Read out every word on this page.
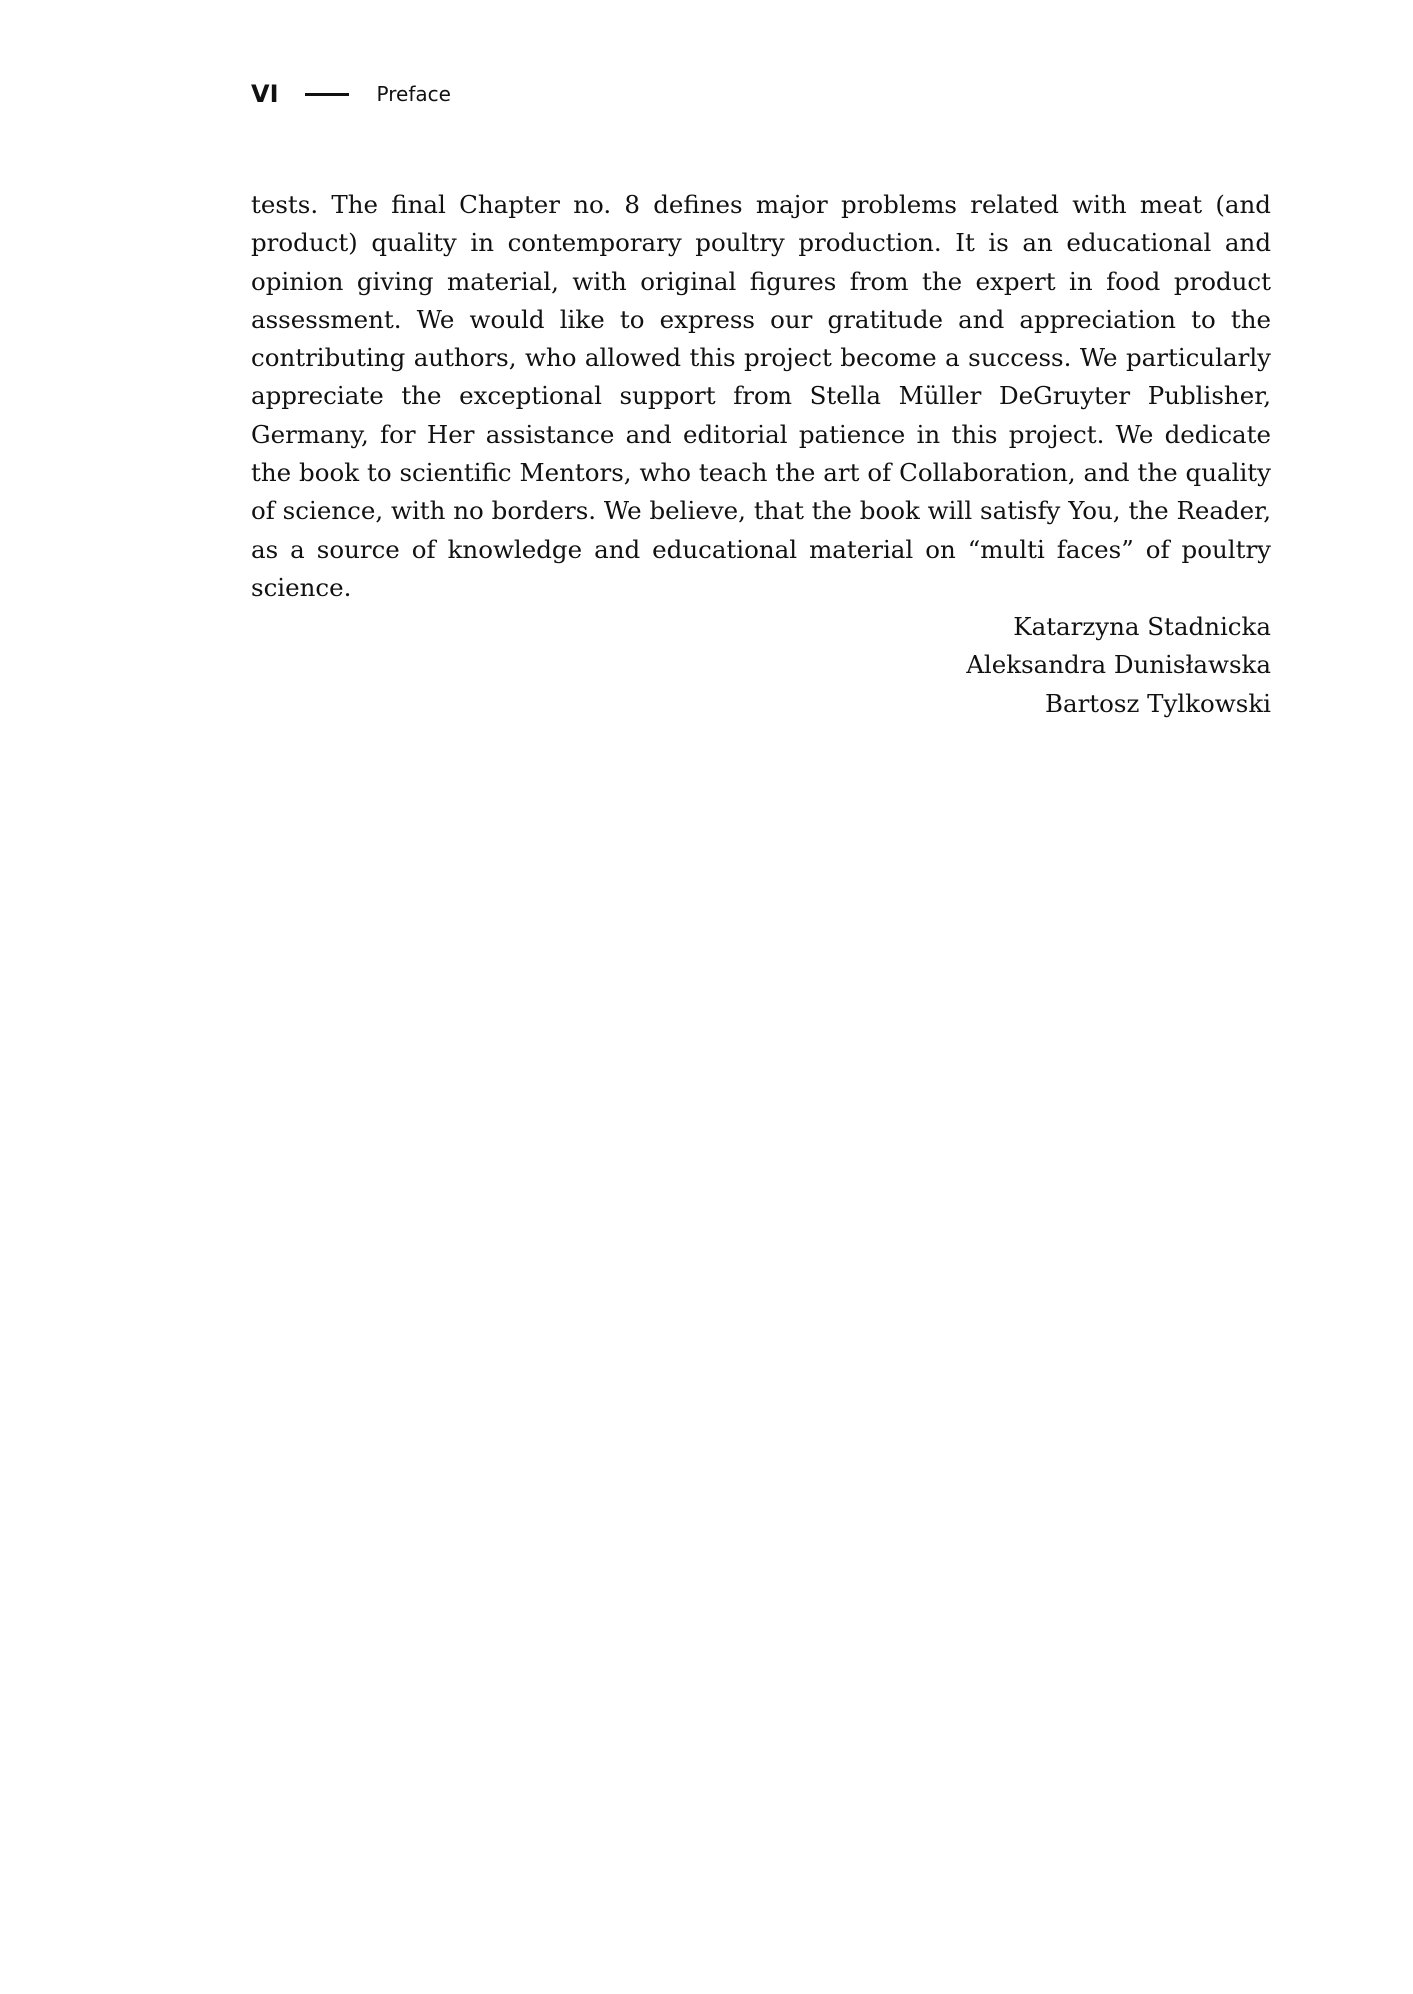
VI	Preface

tests. The final Chapter no. 8 defines major problems related with meat (and product) quality in contemporary poultry production. It is an educational and opinion giving material, with original figures from the expert in food product assessment. We would like to express our gratitude and appreciation to the contributing authors, who allowed this project become a success. We particularly appreciate the exceptional support from Stella Müller DeGruyter Publisher, Germany, for Her assistance and editorial patience in this project. We dedicate the book to scientific Mentors, who teach the art of Collaboration, and the quality of science, with no borders. We believe, that the book will satisfy You, the Reader, as a source of knowledge and educational material on “multi faces” of poultry science.

Katarzyna Stadnicka
Aleksandra Dunisławska
Bartosz Tylkowski
